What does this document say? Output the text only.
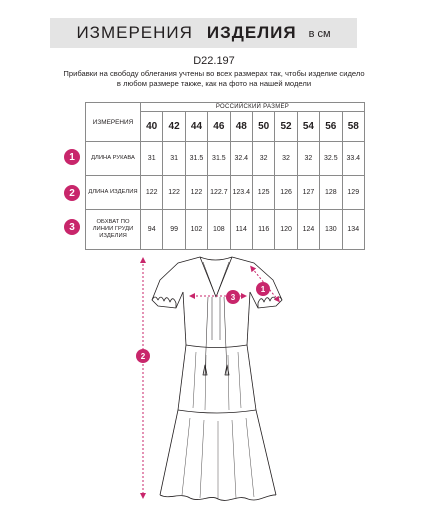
ИЗМЕРЕНИЯ ИЗДЕЛИЯ в см
D22.197
Прибавки на свободу облегания учтены во всех размерах так, чтобы изделие сидело в любом размере также, как на фото на нашей модели
1
2
3
ИЗМЕРЕНИЯ	РОССИЙСКИЙ РАЗМЕР									
	40	42	44	46	48	50	52	54	56	58
ДЛИНА РУКАВА	31	31	31.5	31.5	32.4	32	32	32	32.5	33.4
ДЛИНА ИЗДЕЛИЯ	122	122	122	122.7	123.4	125	126	127	128	129
ОБХВАТ ПО ЛИНИИ ГРУДИ ИЗДЕЛИЯ	94	99	102	108	114	116	120	124	130	134
1
2
3
